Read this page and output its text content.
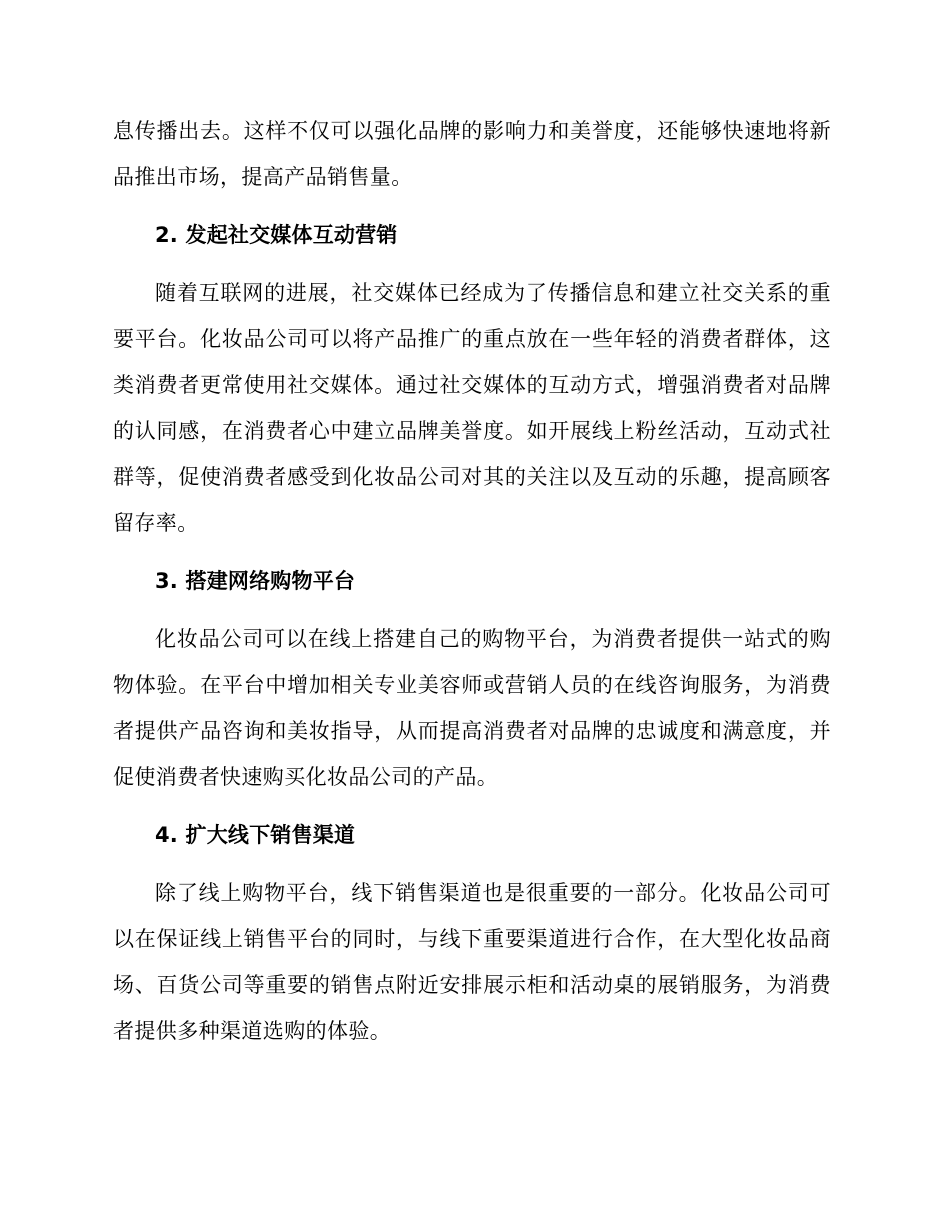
息传播出去。这样不仅可以强化品牌的影响力和美誉度，还能够快速地将新品推出市场，提高产品销售量。

2. 发起社交媒体互动营销

随着互联网的进展，社交媒体已经成为了传播信息和建立社交关系的重要平台。化妆品公司可以将产品推广的重点放在一些年轻的消费者群体，这类消费者更常使用社交媒体。通过社交媒体的互动方式，增强消费者对品牌的认同感，在消费者心中建立品牌美誉度。如开展线上粉丝活动，互动式社群等，促使消费者感受到化妆品公司对其的关注以及互动的乐趣，提高顾客留存率。

3. 搭建网络购物平台

化妆品公司可以在线上搭建自己的购物平台，为消费者提供一站式的购物体验。在平台中增加相关专业美容师或营销人员的在线咨询服务，为消费者提供产品咨询和美妆指导，从而提高消费者对品牌的忠诚度和满意度，并促使消费者快速购买化妆品公司的产品。

4. 扩大线下销售渠道

除了线上购物平台，线下销售渠道也是很重要的一部分。化妆品公司可以在保证线上销售平台的同时，与线下重要渠道进行合作，在大型化妆品商场、百货公司等重要的销售点附近安排展示柜和活动桌的展销服务，为消费者提供多种渠道选购的体验。
